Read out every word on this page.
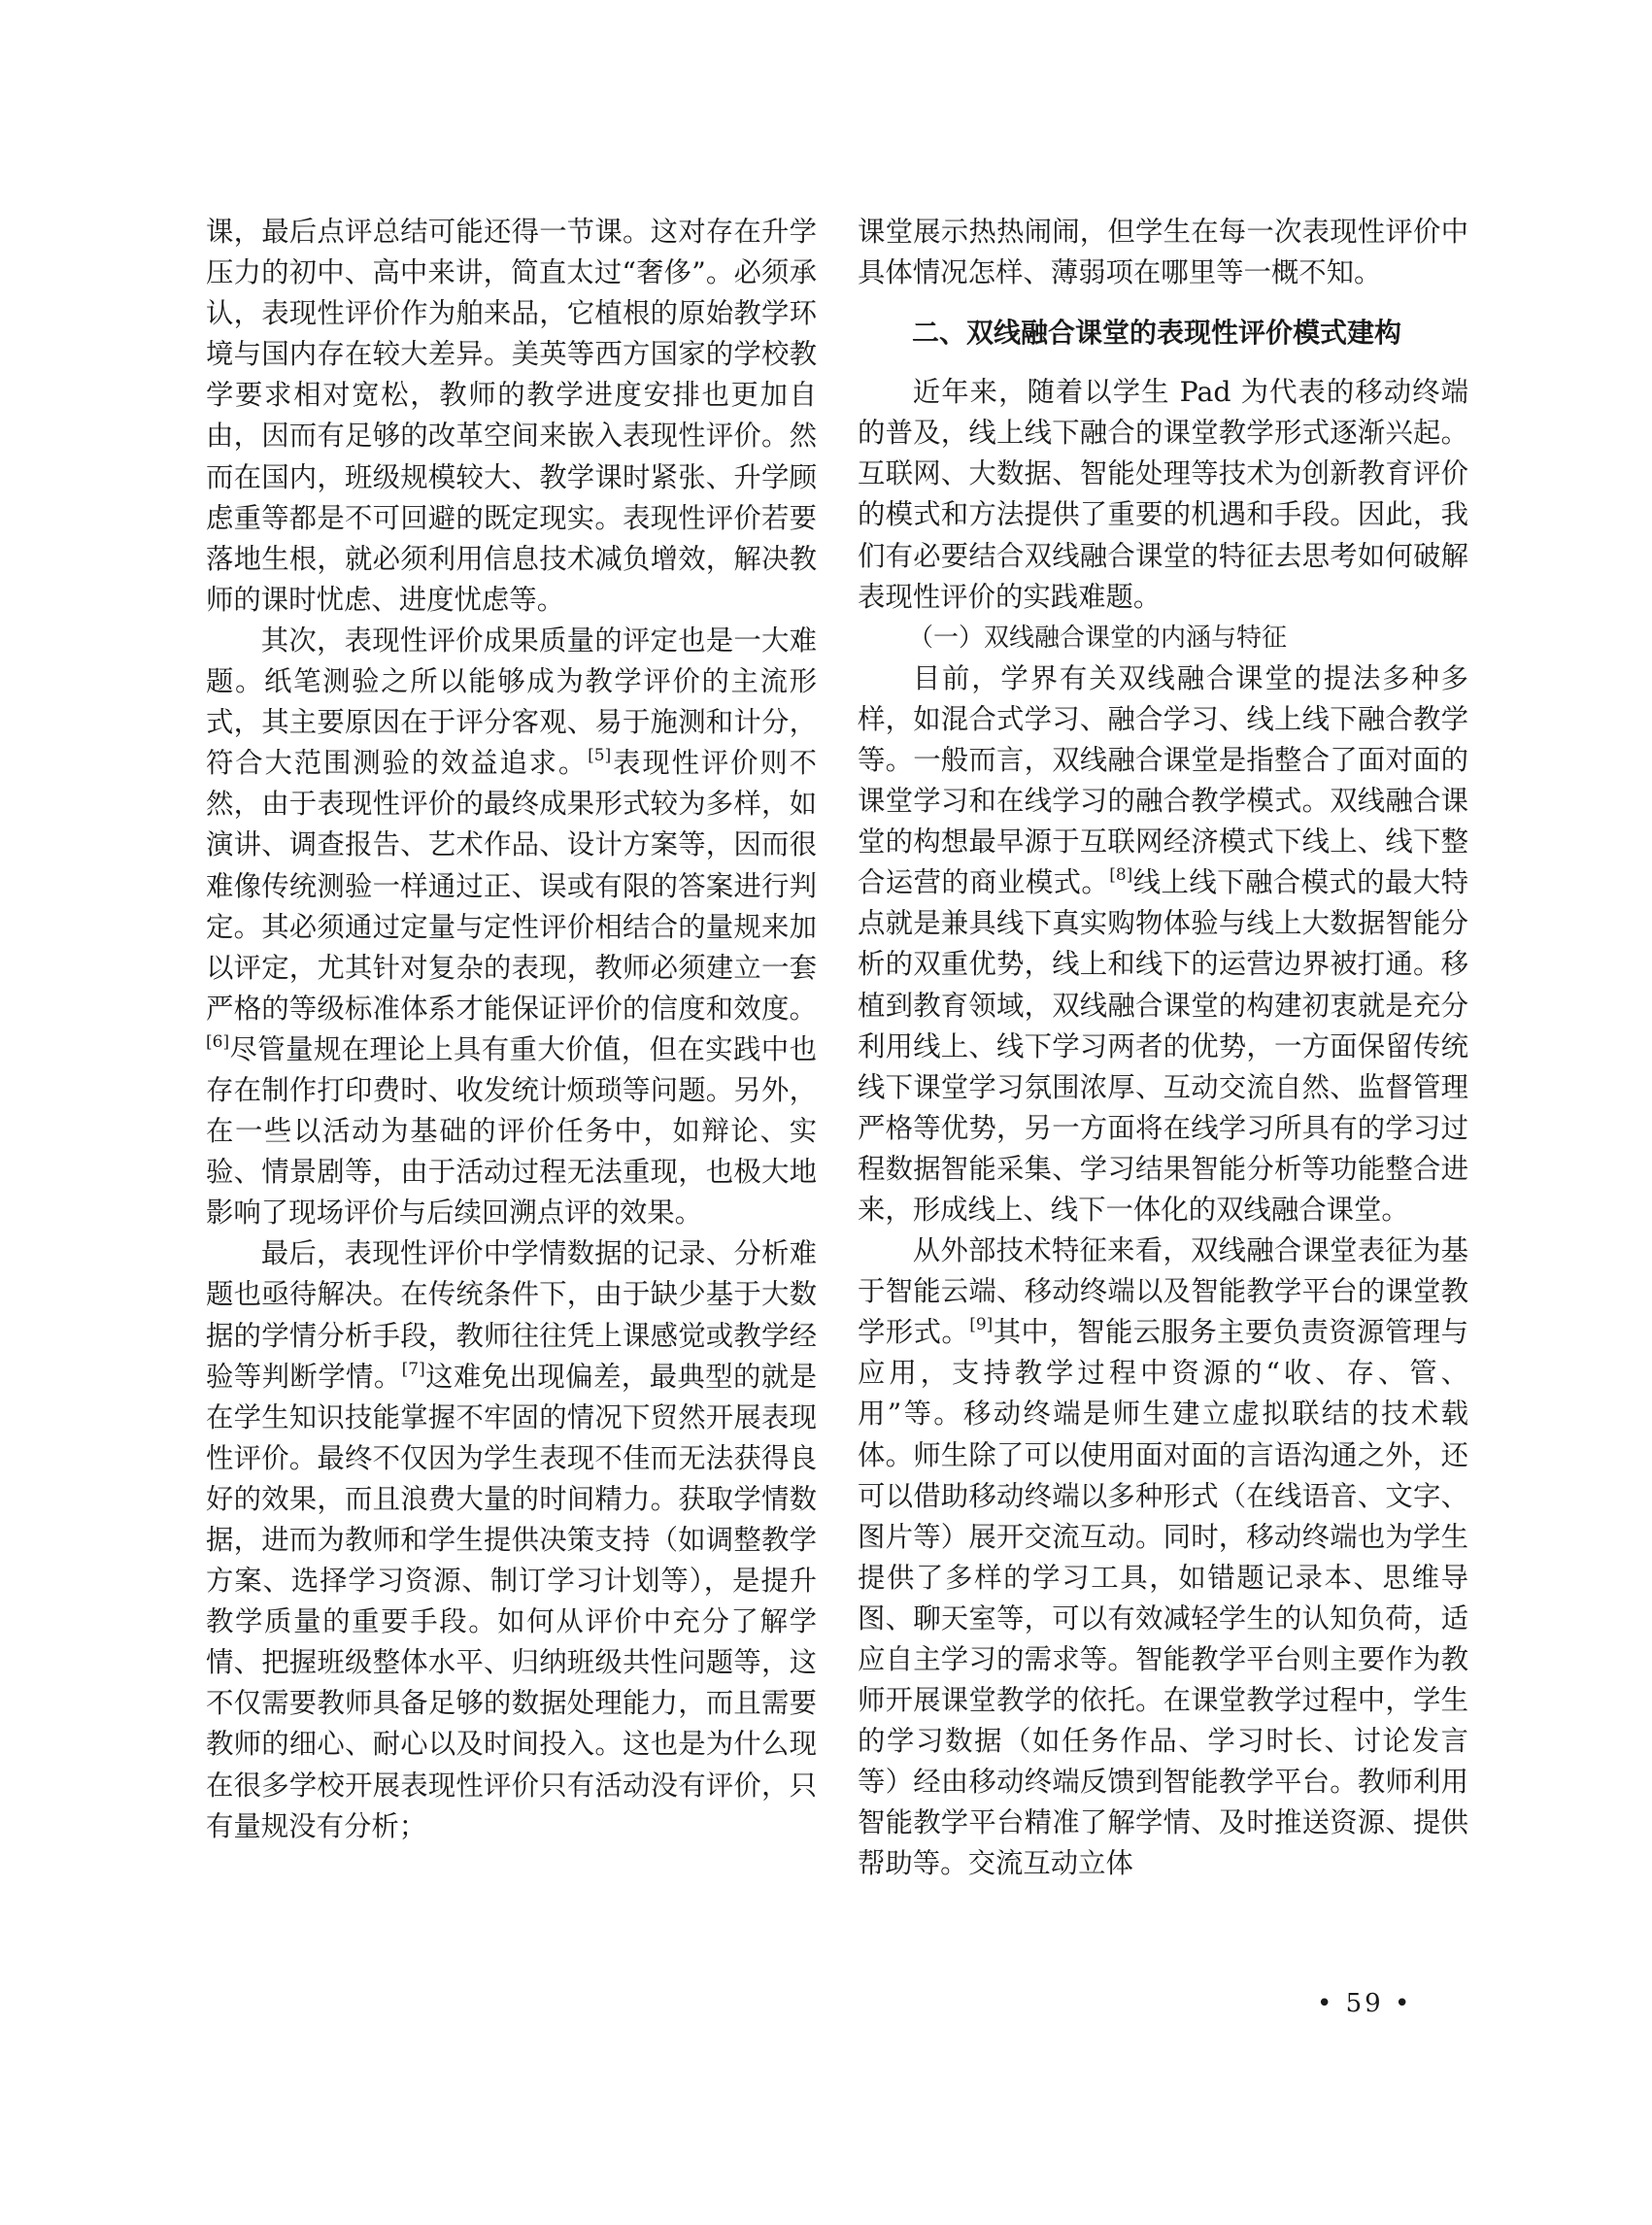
课，最后点评总结可能还得一节课。这对存在升学压力的初中、高中来讲，简直太过“奢侈”。必须承认，表现性评价作为舶来品，它植根的原始教学环境与国内存在较大差异。美英等西方国家的学校教学要求相对宽松，教师的教学进度安排也更加自由，因而有足够的改革空间来嵌入表现性评价。然而在国内，班级规模较大、教学课时紧张、升学顾虑重等都是不可回避的既定现实。表现性评价若要落地生根，就必须利用信息技术减负增效，解决教师的课时忧虑、进度忧虑等。

其次，表现性评价成果质量的评定也是一大难题。纸笔测验之所以能够成为教学评价的主流形式，其主要原因在于评分客观、易于施测和计分，符合大范围测验的效益追求。[5]表现性评价则不然，由于表现性评价的最终成果形式较为多样，如演讲、调查报告、艺术作品、设计方案等，因而很难像传统测验一样通过正、误或有限的答案进行判定。其必须通过定量与定性评价相结合的量规来加以评定，尤其针对复杂的表现，教师必须建立一套严格的等级标准体系才能保证评价的信度和效度。[6]尽管量规在理论上具有重大价值，但在实践中也存在制作打印费时、收发统计烦琐等问题。另外，在一些以活动为基础的评价任务中，如辩论、实验、情景剧等，由于活动过程无法重现，也极大地影响了现场评价与后续回溯点评的效果。

最后，表现性评价中学情数据的记录、分析难题也亟待解决。在传统条件下，由于缺少基于大数据的学情分析手段，教师往往凭上课感觉或教学经验等判断学情。[7]这难免出现偏差，最典型的就是在学生知识技能掌握不牢固的情况下贸然开展表现性评价。最终不仅因为学生表现不佳而无法获得良好的效果，而且浪费大量的时间精力。获取学情数据，进而为教师和学生提供决策支持（如调整教学方案、选择学习资源、制订学习计划等），是提升教学质量的重要手段。如何从评价中充分了解学情、把握班级整体水平、归纳班级共性问题等，这不仅需要教师具备足够的数据处理能力，而且需要教师的细心、耐心以及时间投入。这也是为什么现在很多学校开展表现性评价只有活动没有评价，只有量规没有分析；

课堂展示热热闹闹，但学生在每一次表现性评价中具体情况怎样、薄弱项在哪里等一概不知。

二、双线融合课堂的表现性评价模式建构

近年来，随着以学生 Pad 为代表的移动终端的普及，线上线下融合的课堂教学形式逐渐兴起。互联网、大数据、智能处理等技术为创新教育评价的模式和方法提供了重要的机遇和手段。因此，我们有必要结合双线融合课堂的特征去思考如何破解表现性评价的实践难题。

（一）双线融合课堂的内涵与特征

目前，学界有关双线融合课堂的提法多种多样，如混合式学习、融合学习、线上线下融合教学等。一般而言，双线融合课堂是指整合了面对面的课堂学习和在线学习的融合教学模式。双线融合课堂的构想最早源于互联网经济模式下线上、线下整合运营的商业模式。[8]线上线下融合模式的最大特点就是兼具线下真实购物体验与线上大数据智能分析的双重优势，线上和线下的运营边界被打通。移植到教育领域，双线融合课堂的构建初衷就是充分利用线上、线下学习两者的优势，一方面保留传统线下课堂学习氛围浓厚、互动交流自然、监督管理严格等优势，另一方面将在线学习所具有的学习过程数据智能采集、学习结果智能分析等功能整合进来，形成线上、线下一体化的双线融合课堂。

从外部技术特征来看，双线融合课堂表征为基于智能云端、移动终端以及智能教学平台的课堂教学形式。[9]其中，智能云服务主要负责资源管理与应用，支持教学过程中资源的“收、存、管、用”等。移动终端是师生建立虚拟联结的技术载体。师生除了可以使用面对面的言语沟通之外，还可以借助移动终端以多种形式（在线语音、文字、图片等）展开交流互动。同时，移动终端也为学生提供了多样的学习工具，如错题记录本、思维导图、聊天室等，可以有效减轻学生的认知负荷，适应自主学习的需求等。智能教学平台则主要作为教师开展课堂教学的依托。在课堂教学过程中，学生的学习数据（如任务作品、学习时长、讨论发言等）经由移动终端反馈到智能教学平台。教师利用智能教学平台精准了解学情、及时推送资源、提供帮助等。交流互动立体

• 59 •
